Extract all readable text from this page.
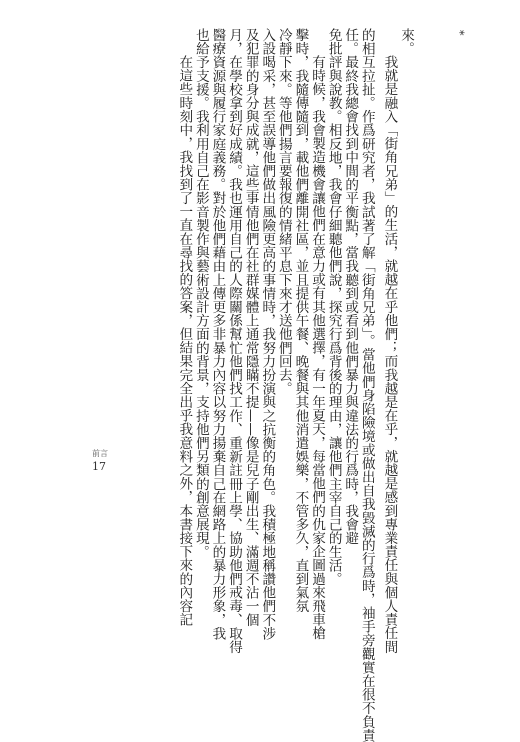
*
來。
我就是融入「街角兄弟」的生活，就越在乎他們；而我越是在乎，就越是感到專業責任與個人責任間
的相互拉扯。作爲研究者，我試著了解「街角兄弟」。當他們身陷險境或做出自我毀滅的行爲時，袖手旁觀實在很不負責
任。最終我總會找到中間的平衡點，當我聽到或看到他們暴力與違法的行爲時，我會避
免批評與說教。相反地，我會仔細聽他們說，探究行爲背後的理由，讓他們主宰自己的生活。
有時候，我會製造機會讓他們在意力或有其他選擇，有一年夏天，每當他們的仇家企圖過來飛車槍
擊時，我隨傳隨到，載他們離開社區，並且提供午餐、晚餐與其他消遣娛樂，不管多久，直到氣氛
冷靜下來。等他們揚言要報復的情緒平息下來才送他們回去。
入設喝采，甚至誤導他們做出風險更高的事情時，我努力扮演與之抗衡的角色。我積極地稱讚他們不涉
及犯罪的身分與成就，這些事情他們在社群媒體上通常隱瞞不提——像是兒子剛出生、滿週不沾一個
月，在學校拿到好成績。我也運用自己的人際關係幫忙他們找工作、重新註冊上學、協助他們戒毒、取得
醫療資源與履行家庭義務。對於他們藉由上傳更多非暴力內容以努力揚棄自己在網路上的暴力形象，我
也給予支援。我利用自己在影音製作與藝術設計方面的背景，支持他們另類的創意展現。
在這些時刻中，我找到了一直在尋找的答案，但結果完全出乎我意料之外，本書接下來的內容記
前言
17
